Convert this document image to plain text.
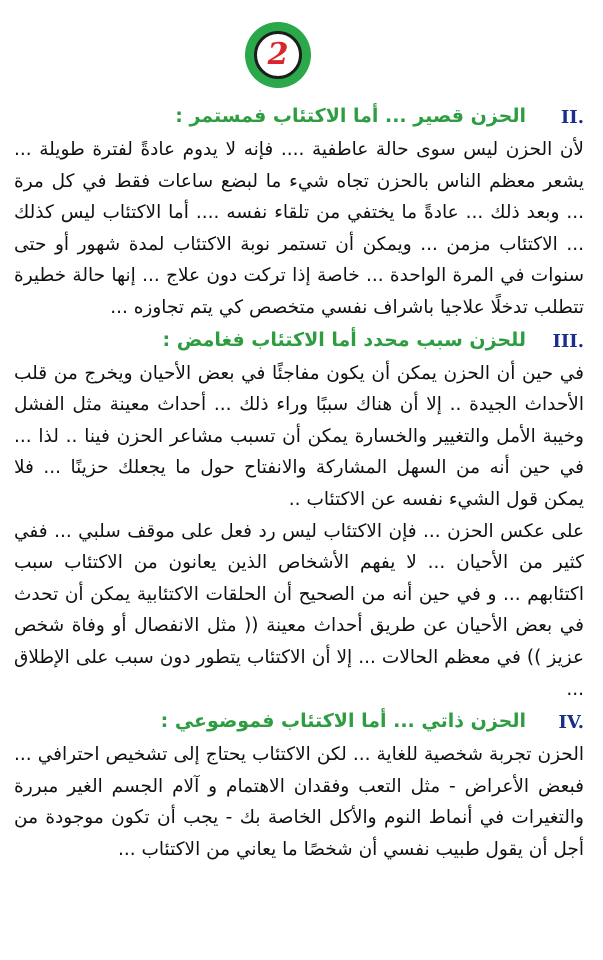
2
II.
الحزن قصير ... أما الاكتئاب فمستمر :

لأن الحزن ليس سوى حالة عاطفية .... فإنه لا يدوم عادةً لفترة طويلة ... يشعر معظم الناس بالحزن تجاه شيء ما لبضع ساعات فقط في كل مرة ... وبعد ذلك ... عادةً ما يختفي من تلقاء نفسه .... أما الاكتئاب ليس كذلك ... الاكتئاب مزمن ... ويمكن أن تستمر نوبة الاكتئاب لمدة شهور أو حتى سنوات في المرة الواحدة ... خاصة إذا تركت دون علاج ... إنها حالة خطيرة تتطلب تدخلًا علاجيا باشراف نفسي متخصص كي يتم تجاوزه ...

III.
للحزن سبب محدد أما الاكتئاب فغامض :

في حين أن الحزن يمكن أن يكون مفاجئًا في بعض الأحيان ويخرج من قلب الأحداث الجيدة .. إلا أن هناك سببًا وراء ذلك ... أحداث معينة مثل الفشل وخيبة الأمل والتغيير والخسارة يمكن أن تسبب مشاعر الحزن فينا .. لذا ... في حين أنه من السهل المشاركة والانفتاح حول ما يجعلك حزينًا ... فلا يمكن قول الشيء نفسه عن الاكتئاب ..

على عكس الحزن ... فإن الاكتئاب ليس رد فعل على موقف سلبي ... ففي كثير من الأحيان ... لا يفهم الأشخاص الذين يعانون من الاكتئاب سبب اكتئابهم ... و في حين أنه من الصحيح أن الحلقات الاكتئابية يمكن أن تحدث في بعض الأحيان عن طريق أحداث معينة (( مثل الانفصال أو وفاة شخص عزيز )) في معظم الحالات ... إلا أن الاكتئاب يتطور دون سبب على الإطلاق ...

IV.
الحزن ذاتي ... أما الاكتئاب فموضوعي :

الحزن تجربة شخصية للغاية ... لكن الاكتئاب يحتاج إلى تشخيص احترافي ... فبعض الأعراض - مثل التعب وفقدان الاهتمام و آلام الجسم الغير مبررة والتغيرات في أنماط النوم والأكل الخاصة بك - يجب أن تكون موجودة من أجل أن يقول طبيب نفسي أن شخصًا ما يعاني من الاكتئاب ...
